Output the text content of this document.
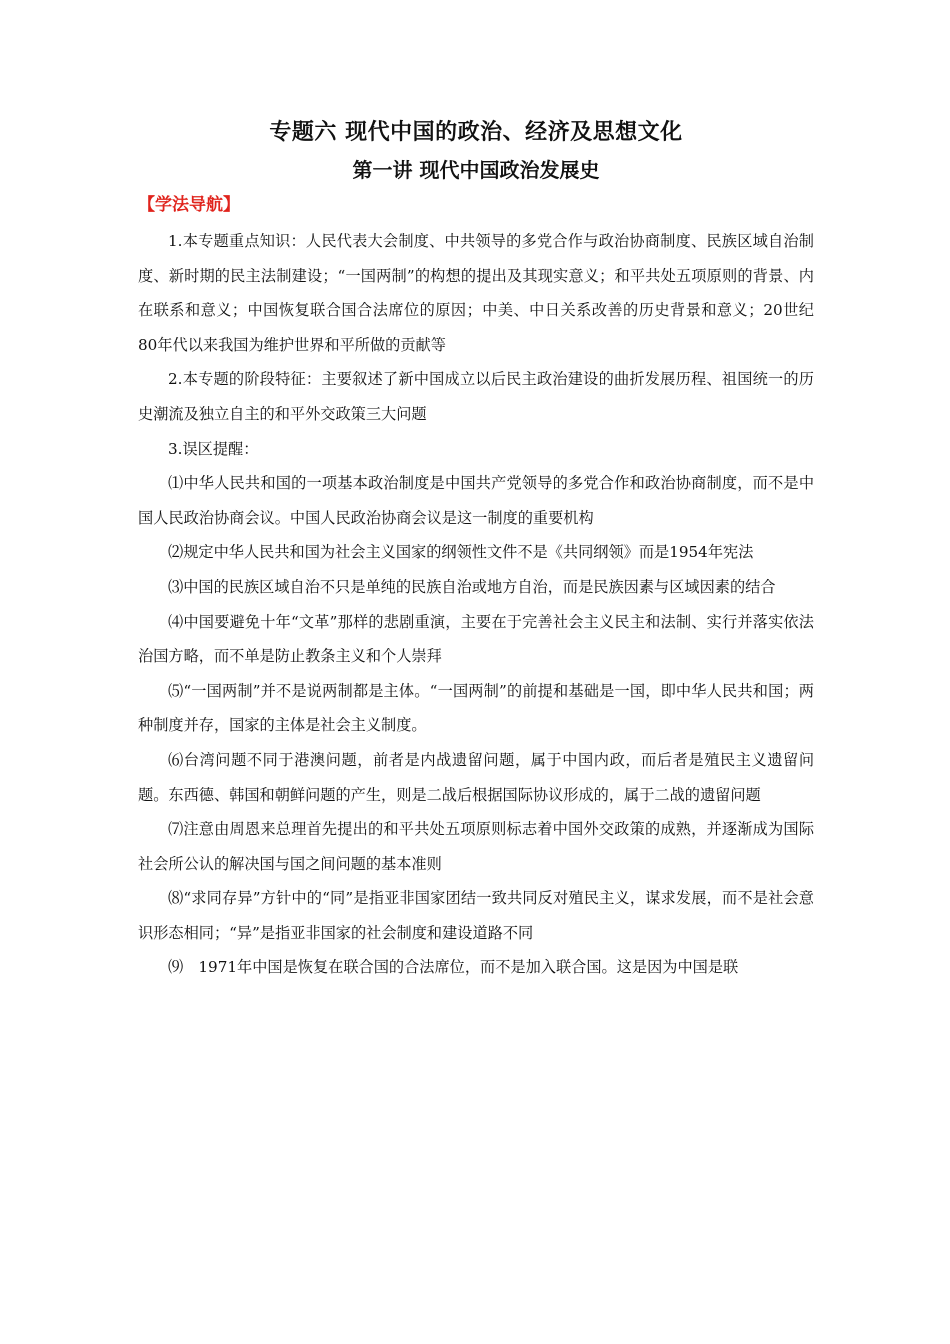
专题六 现代中国的政治、经济及思想文化
第一讲 现代中国政治发展史
【学法导航】

1.本专题重点知识：人民代表大会制度、中共领导的多党合作与政治协商制度、民族区域自治制度、新时期的民主法制建设；“一国两制”的构想的提出及其现实意义；和平共处五项原则的背景、内在联系和意义；中国恢复联合国合法席位的原因；中美、中日关系改善的历史背景和意义；20世纪80年代以来我国为维护世界和平所做的贡献等

2.本专题的阶段特征：主要叙述了新中国成立以后民主政治建设的曲折发展历程、祖国统一的历史潮流及独立自主的和平外交政策三大问题

3.误区提醒：

⑴中华人民共和国的一项基本政治制度是中国共产党领导的多党合作和政治协商制度，而不是中国人民政治协商会议。中国人民政治协商会议是这一制度的重要机构

⑵规定中华人民共和国为社会主义国家的纲领性文件不是《共同纲领》而是1954年宪法

⑶中国的民族区域自治不只是单纯的民族自治或地方自治，而是民族因素与区域因素的结合

⑷中国要避免十年“文革”那样的悲剧重演，主要在于完善社会主义民主和法制、实行并落实依法治国方略，而不单是防止教条主义和个人崇拜

⑸“一国两制”并不是说两制都是主体。“一国两制”的前提和基础是一国，即中华人民共和国；两种制度并存，国家的主体是社会主义制度。

⑹台湾问题不同于港澳问题，前者是内战遗留问题，属于中国内政，而后者是殖民主义遗留问题。东西德、韩国和朝鲜问题的产生，则是二战后根据国际协议形成的，属于二战的遗留问题

⑺注意由周恩来总理首先提出的和平共处五项原则标志着中国外交政策的成熟，并逐渐成为国际社会所公认的解决国与国之间问题的基本准则

⑻“求同存异”方针中的“同”是指亚非国家团结一致共同反对殖民主义，谋求发展，而不是社会意识形态相同；“异”是指亚非国家的社会制度和建设道路不同

⑼　1971年中国是恢复在联合国的合法席位，而不是加入联合国。这是因为中国是联
